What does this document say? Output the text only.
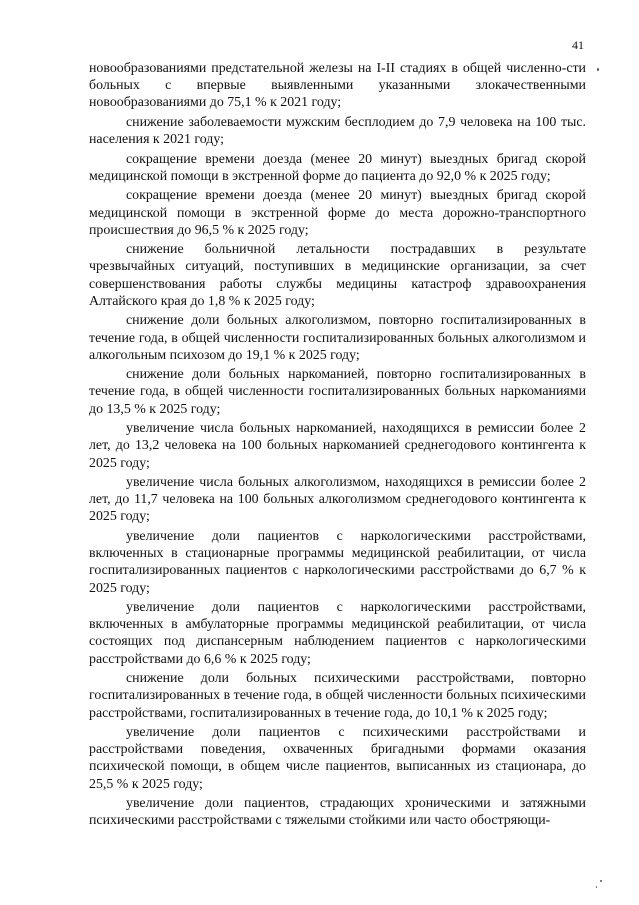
41

новообразованиями предстательной железы на I-II стадиях в общей численно-сти больных с впервые выявленными указанными злокачественными новообразованиями до 75,1 % к 2021 году;

снижение заболеваемости мужским бесплодием до 7,9 человека на 100 тыс. населения к 2021 году;

сокращение времени доезда (менее 20 минут) выездных бригад скорой медицинской помощи в экстренной форме до пациента до 92,0 % к 2025 году;

сокращение времени доезда (менее 20 минут) выездных бригад скорой медицинской помощи в экстренной форме до места дорожно-транспортного происшествия до 96,5 % к 2025 году;

снижение больничной летальности пострадавших в результате чрезвычайных ситуаций, поступивших в медицинские организации, за счет совершенствования работы службы медицины катастроф здравоохранения Алтайского края до 1,8 % к 2025 году;

снижение доли больных алкоголизмом, повторно госпитализированных в течение года, в общей численности госпитализированных больных алкоголизмом и алкогольным психозом до 19,1 % к 2025 году;

снижение доли больных наркоманией, повторно госпитализированных в течение года, в общей численности госпитализированных больных наркоманиями до 13,5 % к 2025 году;

увеличение числа больных наркоманией, находящихся в ремиссии более 2 лет, до 13,2 человека на 100 больных наркоманией среднегодового контингента к 2025 году;

увеличение числа больных алкоголизмом, находящихся в ремиссии более 2 лет, до 11,7 человека на 100 больных алкоголизмом среднегодового контингента к 2025 году;

увеличение доли пациентов с наркологическими расстройствами, включенных в стационарные программы медицинской реабилитации, от числа госпитализированных пациентов с наркологическими расстройствами до 6,7 % к 2025 году;

увеличение доли пациентов с наркологическими расстройствами, включенных в амбулаторные программы медицинской реабилитации, от числа состоящих под диспансерным наблюдением пациентов с наркологическими расстройствами до 6,6 % к 2025 году;

снижение доли больных психическими расстройствами, повторно госпитализированных в течение года, в общей численности больных психическими расстройствами, госпитализированных в течение года, до 10,1 % к 2025 году;

увеличение доли пациентов с психическими расстройствами и расстройствами поведения, охваченных бригадными формами оказания психической помощи, в общем числе пациентов, выписанных из стационара, до 25,5 % к 2025 году;

увеличение доли пациентов, страдающих хроническими и затяжными психическими расстройствами с тяжелыми стойкими или часто обостряющи-
